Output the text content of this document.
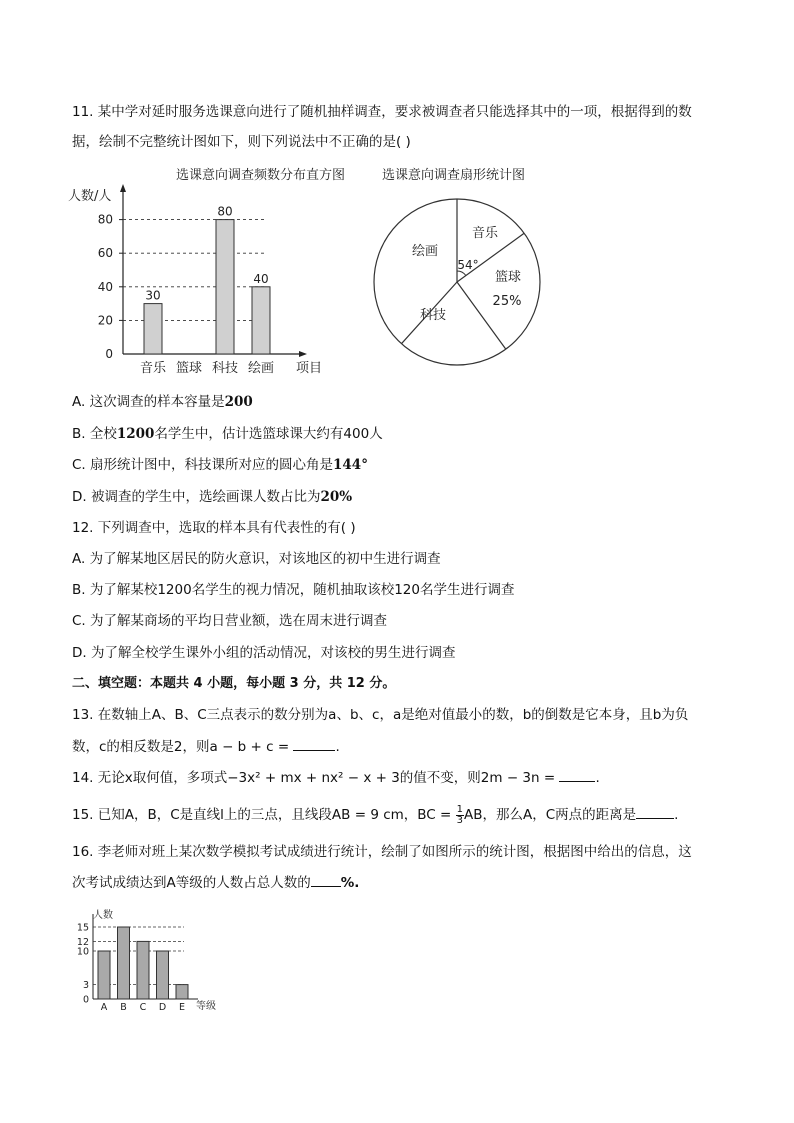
11. 某中学对延时服务选课意向进行了随机抽样调查，要求被调查者只能选择其中的一项，根据得到的数
据，绘制不完整统计图如下，则下列说法中不正确的是( )
选课意向调查频数分布直方图
人数/人
项目
0
20
40
60
80
30
80
40
音乐 篮球 科技 绘画
选课意向调查扇形统计图
音乐
54°
篮球
25%
科技
绘画
A. 这次调查的样本容量是200
B. 全校1200名学生中，估计选篮球课大约有400人
C. 扇形统计图中，科技课所对应的圆心角是144°
D. 被调查的学生中，选绘画课人数占比为20%
12. 下列调查中，选取的样本具有代表性的有( )
A. 为了解某地区居民的防火意识，对该地区的初中生进行调查
B. 为了解某校1200名学生的视力情况，随机抽取该校120名学生进行调查
C. 为了解某商场的平均日营业额，选在周末进行调查
D. 为了解全校学生课外小组的活动情况，对该校的男生进行调查
二、填空题：本题共 4 小题，每小题 3 分，共 12 分。
13. 在数轴上A、B、C三点表示的数分别为a、b、c，a是绝对值最小的数，b的倒数是它本身，且b为负
数，c的相反数是2，则a − b + c =	.
14. 无论x取何值，多项式−3x² + mx + nx² − x + 3的值不变，则2m − 3n =	.
15. 已知A，B，C是直线l上的三点，且线段AB = 9 cm，BC = $\frac{1}{3}$ AB，那么A，C两点的距离是	.
16. 李老师对班上某次数学模拟考试成绩进行统计，绘制了如图所示的统计图，根据图中给出的信息，这
次考试成绩达到A等级的人数占总人数的 %.
人数
等级
0
3
10
12
15
A B C D E
